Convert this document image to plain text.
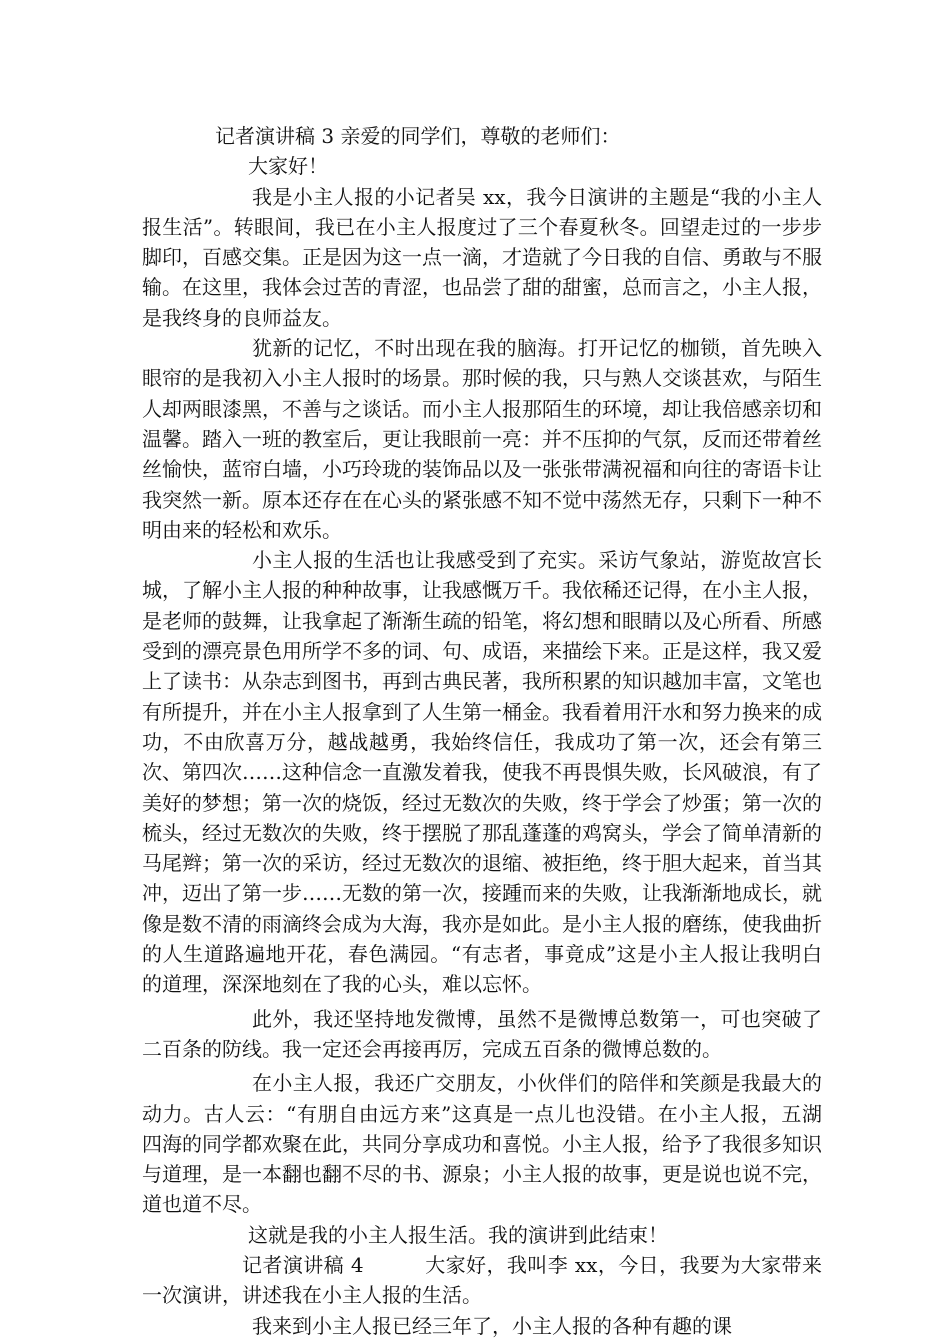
记者演讲稿 3 亲爱的同学们，尊敬的老师们：

大家好！

我是小主人报的小记者吴 xx，我今日演讲的主题是“我的小主人报生活”。转眼间，我已在小主人报度过了三个春夏秋冬。回望走过的一步步脚印，百感交集。正是因为这一点一滴，才造就了今日我的自信、勇敢与不服输。在这里，我体会过苦的青涩，也品尝了甜的甜蜜，总而言之，小主人报，是我终身的良师益友。

犹新的记忆，不时出现在我的脑海。打开记忆的枷锁，首先映入眼帘的是我初入小主人报时的场景。那时候的我，只与熟人交谈甚欢，与陌生人却两眼漆黑，不善与之谈话。而小主人报那陌生的环境，却让我倍感亲切和温馨。踏入一班的教室后，更让我眼前一亮：并不压抑的气氛，反而还带着丝丝愉快，蓝帘白墙，小巧玲珑的装饰品以及一张张带满祝福和向往的寄语卡让我突然一新。原本还存在在心头的紧张感不知不觉中荡然无存，只剩下一种不明由来的轻松和欢乐。

小主人报的生活也让我感受到了充实。采访气象站，游览故宫长城，了解小主人报的种种故事，让我感慨万千。我依稀还记得，在小主人报，是老师的鼓舞，让我拿起了渐渐生疏的铅笔，将幻想和眼睛以及心所看、所感受到的漂亮景色用所学不多的词、句、成语，来描绘下来。正是这样，我又爱上了读书：从杂志到图书，再到古典民著，我所积累的知识越加丰富，文笔也有所提升，并在小主人报拿到了人生第一桶金。我看着用汗水和努力换来的成功，不由欣喜万分，越战越勇，我始终信任，我成功了第一次，还会有第三次、第四次……这种信念一直激发着我，使我不再畏惧失败，长风破浪，有了美好的梦想；第一次的烧饭，经过无数次的失败，终于学会了炒蛋；第一次的梳头，经过无数次的失败，终于摆脱了那乱蓬蓬的鸡窝头，学会了简单清新的马尾辫；第一次的采访，经过无数次的退缩、被拒绝，终于胆大起来，首当其冲，迈出了第一步……无数的第一次，接踵而来的失败，让我渐渐地成长，就像是数不清的雨滴终会成为大海，我亦是如此。是小主人报的磨练，使我曲折的人生道路遍地开花，春色满园。“有志者，事竟成”这是小主人报让我明白的道理，深深地刻在了我的心头，难以忘怀。

此外，我还坚持地发微博，虽然不是微博总数第一，可也突破了二百条的防线。我一定还会再接再厉，完成五百条的微博总数的。

在小主人报，我还广交朋友，小伙伴们的陪伴和笑颜是我最大的动力。古人云：“有朋自由远方来”这真是一点儿也没错。在小主人报，五湖四海的同学都欢聚在此，共同分享成功和喜悦。小主人报，给予了我很多知识与道理，是一本翻也翻不尽的书、源泉；小主人报的故事，更是说也说不完，道也道不尽。

这就是我的小主人报生活。我的演讲到此结束！

记者演讲稿 4　　　大家好，我叫李 xx，今日，我要为大家带来一次演讲，讲述我在小主人报的生活。

我来到小主人报已经三年了，小主人报的各种有趣的课
